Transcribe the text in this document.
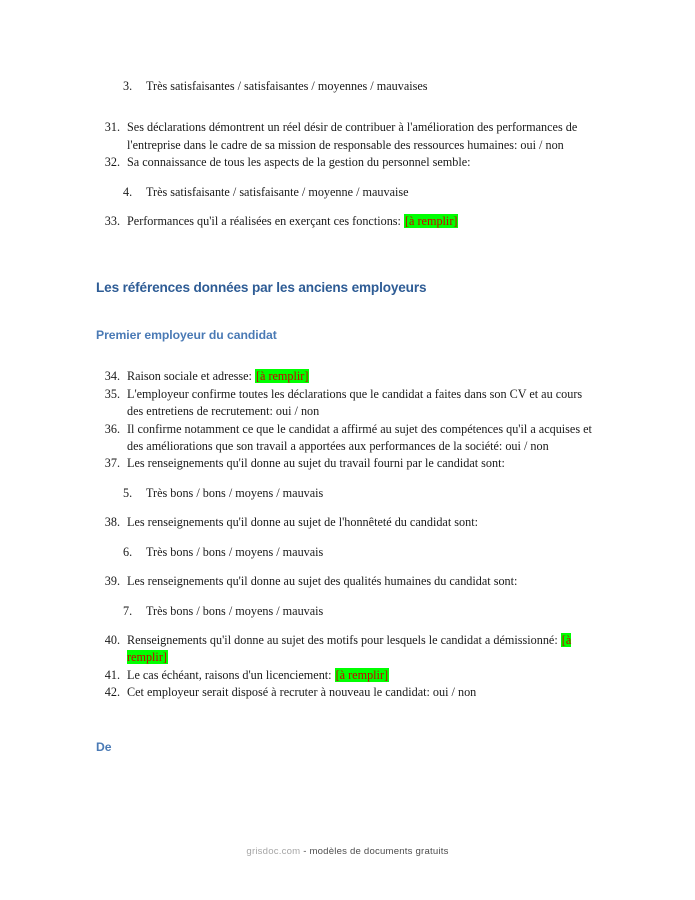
3.	Très satisfaisantes / satisfaisantes / moyennes / mauvaises
31. Ses déclarations démontrent un réel désir de contribuer à l'amélioration des performances de l'entreprise dans le cadre de sa mission de responsable des ressources humaines: oui / non
32. Sa connaissance de tous les aspects de la gestion du personnel semble:
4.	Très satisfaisante / satisfaisante / moyenne / mauvaise
33. Performances qu'il a réalisées en exerçant ces fonctions: [à remplir]
Les références données par les anciens employeurs
Premier employeur du candidat
34. Raison sociale et adresse: [à remplir]
35. L'employeur confirme toutes les déclarations que le candidat a faites dans son CV et au cours des entretiens de recrutement: oui / non
36. Il confirme notamment ce que le candidat a affirmé au sujet des compétences qu'il a acquises et des améliorations que son travail a apportées aux performances de la société: oui / non
37. Les renseignements qu'il donne au sujet du travail fourni par le candidat sont:
5.	Très bons / bons / moyens / mauvais
38. Les renseignements qu'il donne au sujet de l'honnêteté du candidat sont:
6.	Très bons / bons / moyens / mauvais
39. Les renseignements qu'il donne au sujet des qualités humaines du candidat sont:
7.	Très bons / bons / moyens / mauvais
40. Renseignements qu'il donne au sujet des motifs pour lesquels le candidat a démissionné: [à remplir]
41. Le cas échéant, raisons d'un licenciement: [à remplir]
42. Cet employeur serait disposé à recruter à nouveau le candidat: oui / non
De
grisdoc.com - modèles de documents gratuits
